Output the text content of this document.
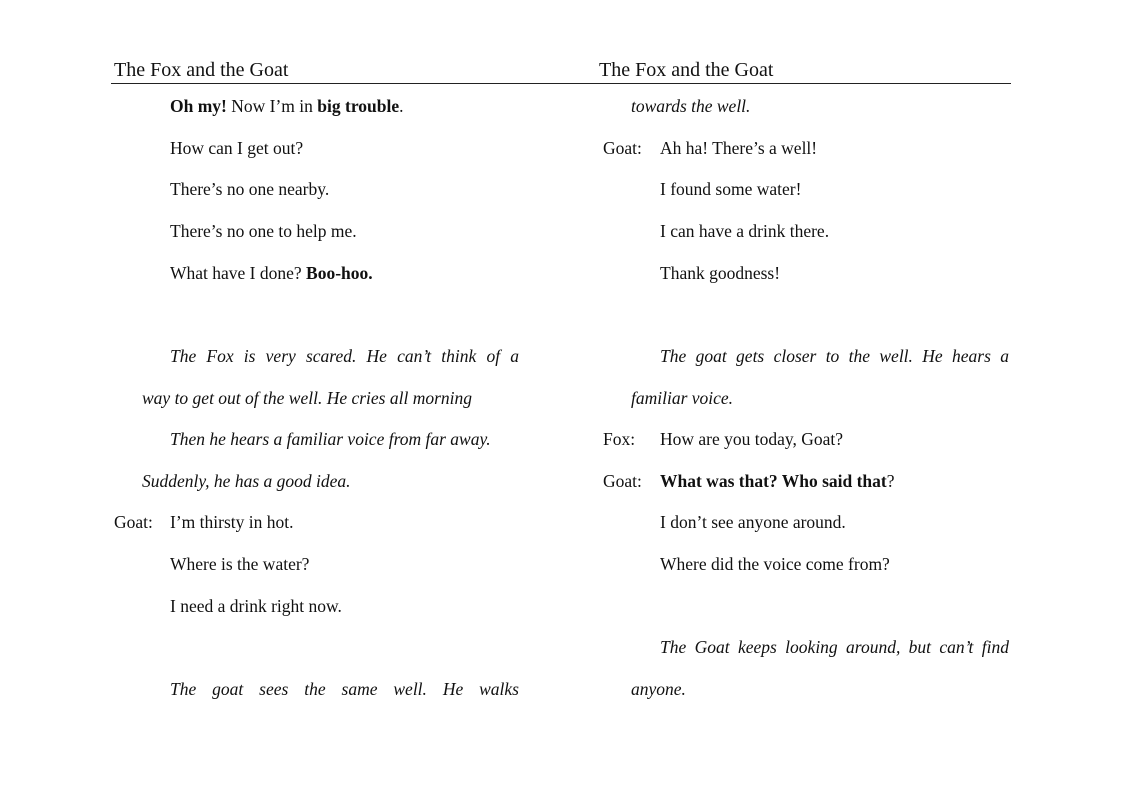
The Fox and the Goat	The Fox and the Goat
Oh my! Now I’m in big trouble.
How can I get out?
There’s no one nearby.
There’s no one to help me.
What have I done? Boo-hoo.
The Fox is very scared. He can’t think of a
way to get out of the well. He cries all morning
Then he hears a familiar voice from far away.
Suddenly, he has a good idea.
Goat: I’m thirsty in hot.
Where is the water?
I need a drink right now.
The goat sees the same well. He walks
towards the well.
Goat: Ah ha! There’s a well!
I found some water!
I can have a drink there.
Thank goodness!
The goat gets closer to the well. He hears a
familiar voice.
Fox: How are you today, Goat?
Goat: What was that? Who said that?
I don’t see anyone around.
Where did the voice come from?
The Goat keeps looking around, but can’t find
anyone.
